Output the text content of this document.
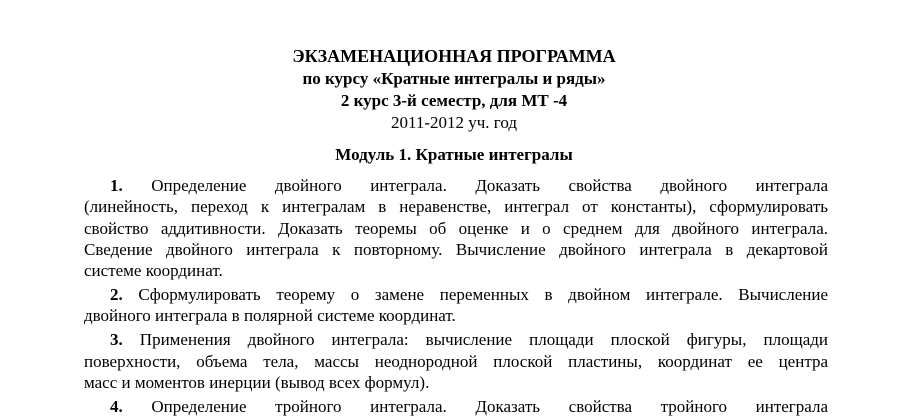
ЭКЗАМЕНАЦИОННАЯ ПРОГРАММА
по курсу «Кратные интегралы и ряды»
2 курс 3-й семестр, для МТ -4
2011-2012 уч. год
Модуль 1. Кратные интегралы
1. Определение двойного интеграла. Доказать свойства двойного интеграла
(линейность, переход к интегралам в неравенстве, интеграл от константы), сформулировать
свойство аддитивности. Доказать теоремы об оценке и о среднем для двойного интеграла.
Сведение двойного интеграла к повторному. Вычисление двойного интеграла в декартовой
системе координат.
2. Сформулировать теорему о замене переменных в двойном интеграле. Вычисление
двойного интеграла в полярной системе координат.
3. Применения двойного интеграла: вычисление площади плоской фигуры, площади
поверхности, объема тела, массы неоднородной плоской пластины, координат ее центра
масс и моментов инерции (вывод всех формул).
4. Определение тройного интеграла. Доказать свойства тройного интеграла
